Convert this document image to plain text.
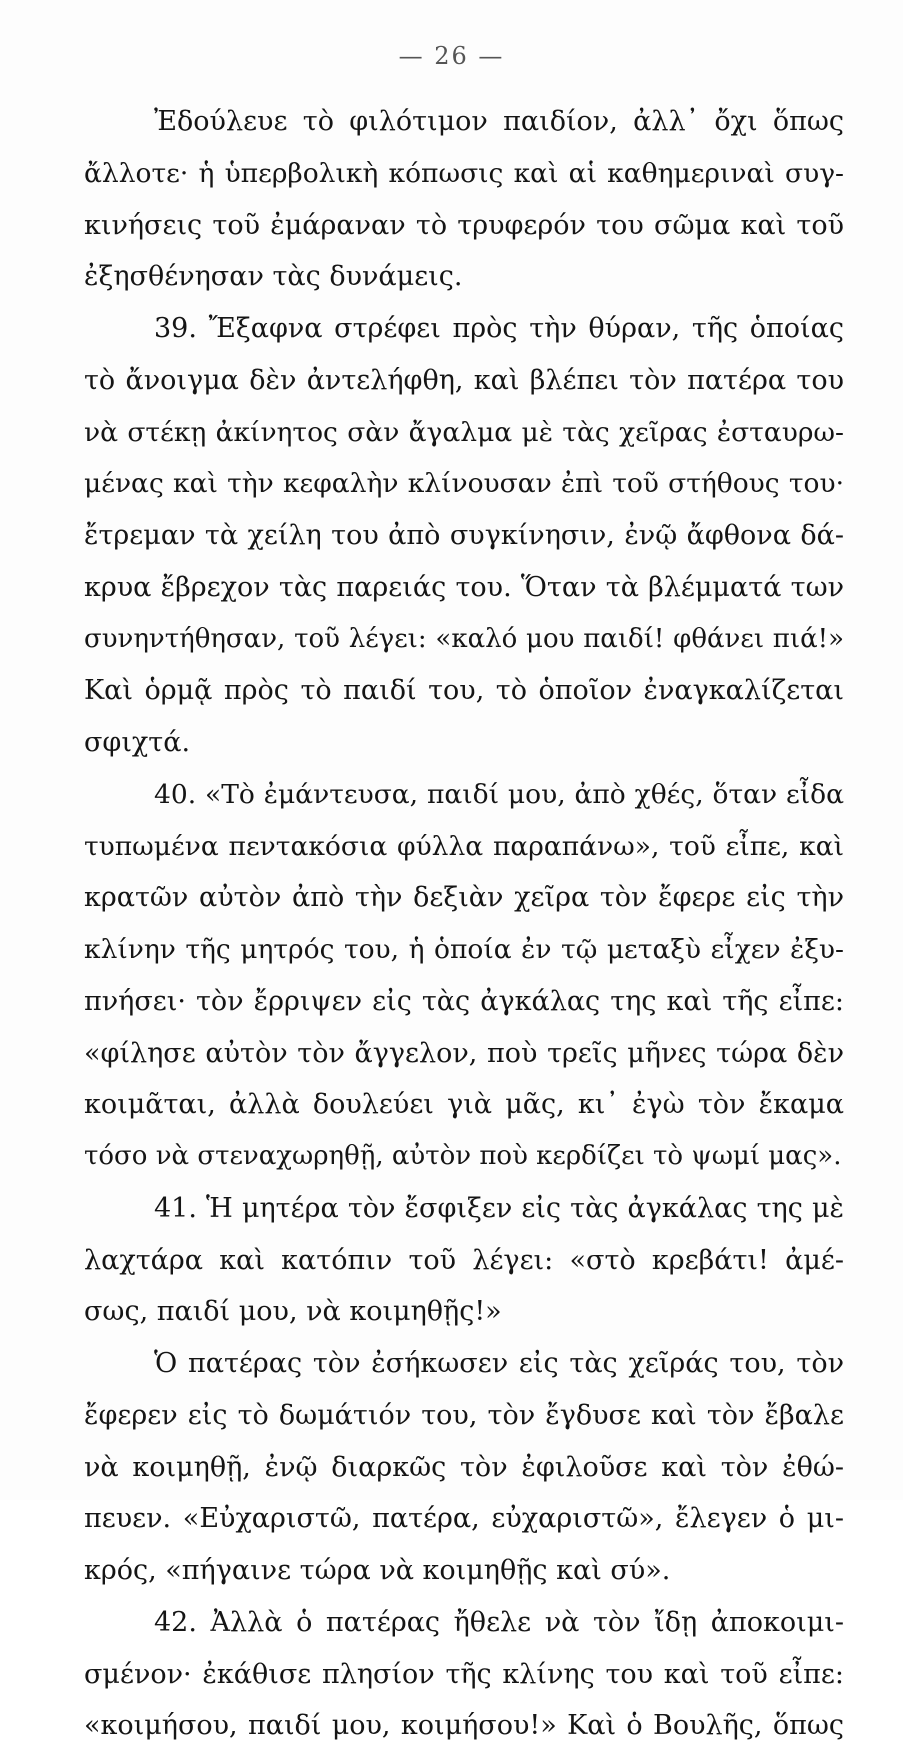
— 26 —
Ἐδούλευε τὸ φιλότιμον παιδίον, ἀλλ᾽ ὄχι ὅπως
ἄλλοτε· ἡ ὑπερβολικὴ κόπωσις καὶ αἱ καθημεριναὶ συγ-
κινήσεις τοῦ ἐμάραναν τὸ τρυφερόν του σῶμα καὶ τοῦ
ἐξησθένησαν τὰς δυνάμεις.
39. Ἔξαφνα στρέφει πρὸς τὴν θύραν, τῆς ὁποίας
τὸ ἄνοιγμα δὲν ἀντελήφθη, καὶ βλέπει τὸν πατέρα του
νὰ στέκῃ ἀκίνητος σὰν ἄγαλμα μὲ τὰς χεῖρας ἐσταυρω-
μένας καὶ τὴν κεφαλὴν κλίνουσαν ἐπὶ τοῦ στήθους του·
ἔτρεμαν τὰ χείλη του ἀπὸ συγκίνησιν, ἐνῷ ἄφθονα δά-
κρυα ἔβρεχον τὰς παρειάς του. Ὅταν τὰ βλέμματά των
συνηντήθησαν, τοῦ λέγει: «καλό μου παιδί! φθάνει πιά!»
Καὶ ὁρμᾷ πρὸς τὸ παιδί του, τὸ ὁποῖον ἐναγκαλίζεται
σφιχτά.
40. «Τὸ ἐμάντευσα, παιδί μου, ἀπὸ χθές, ὅταν εἶδα
τυπωμένα πεντακόσια φύλλα παραπάνω», τοῦ εἶπε, καὶ
κρατῶν αὐτὸν ἀπὸ τὴν δεξιὰν χεῖρα τὸν ἔφερε εἰς τὴν
κλίνην τῆς μητρός του, ἡ ὁποία ἐν τῷ μεταξὺ εἶχεν ἐξυ-
πνήσει· τὸν ἔρριψεν εἰς τὰς ἀγκάλας της καὶ τῆς εἶπε:
«φίλησε αὐτὸν τὸν ἄγγελον, ποὺ τρεῖς μῆνες τώρα δὲν
κοιμᾶται, ἀλλὰ δουλεύει γιὰ μᾶς, κι᾽ ἐγὼ τὸν ἔκαμα
τόσο νὰ στεναχωρηθῇ, αὐτὸν ποὺ κερδίζει τὸ ψωμί μας».
41. Ἡ μητέρα τὸν ἔσφιξεν εἰς τὰς ἀγκάλας της μὲ
λαχτάρα καὶ κατόπιν τοῦ λέγει: «στὸ κρεβάτι! ἀμέ-
σως, παιδί μου, νὰ κοιμηθῇς!»
Ὁ πατέρας τὸν ἐσήκωσεν εἰς τὰς χεῖράς του, τὸν
ἔφερεν εἰς τὸ δωμάτιόν του, τὸν ἔγδυσε καὶ τὸν ἔβαλε
νὰ κοιμηθῇ, ἐνῷ διαρκῶς τὸν ἐφιλοῦσε καὶ τὸν ἐθώ-
πευεν. «Εὐχαριστῶ, πατέρα, εὐχαριστῶ», ἔλεγεν ὁ μι-
κρός, «πήγαινε τώρα νὰ κοιμηθῇς καὶ σύ».
42. Ἀλλὰ ὁ πατέρας ἤθελε νὰ τὸν ἴδῃ ἀποκοιμι-
σμένον· ἐκάθισε πλησίον τῆς κλίνης του καὶ τοῦ εἶπε:
«κοιμήσου, παιδί μου, κοιμήσου!» Καὶ ὁ Βουλῆς, ὅπως
